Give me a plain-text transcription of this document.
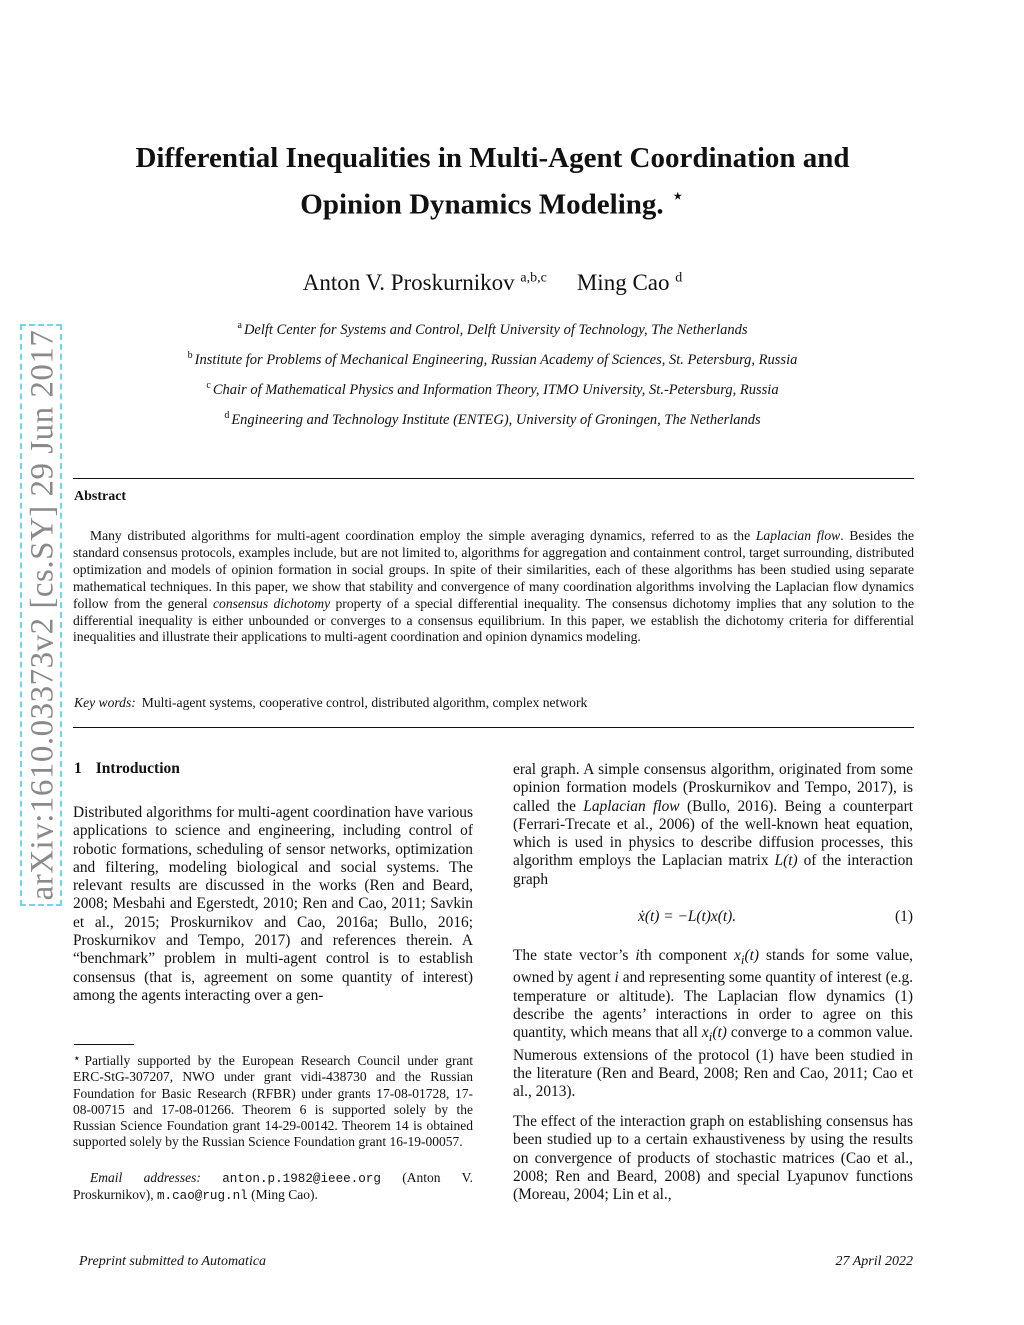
arXiv:1610.03373v2 [cs.SY] 29 Jun 2017
Differential Inequalities in Multi-Agent Coordination and
Opinion Dynamics Modeling. ⋆
Anton V. Proskurnikov $^{a,b,c}$ Ming Cao $^d$
$^a$ Delft Center for Systems and Control, Delft University of Technology, The Netherlands
$^b$ Institute for Problems of Mechanical Engineering, Russian Academy of Sciences, St. Petersburg, Russia
$^c$ Chair of Mathematical Physics and Information Theory, ITMO University, St.-Petersburg, Russia
$^d$ Engineering and Technology Institute (ENTEG), University of Groningen, The Netherlands
Abstract
Many distributed algorithms for multi-agent coordination employ the simple averaging dynamics, referred to as the Laplacian flow. Besides the standard consensus protocols, examples include, but are not limited to, algorithms for aggregation and containment control, target surrounding, distributed optimization and models of opinion formation in social groups. In spite of their similarities, each of these algorithms has been studied using separate mathematical techniques. In this paper, we show that stability and convergence of many coordination algorithms involving the Laplacian flow dynamics follow from the general consensus dichotomy property of a special differential inequality. The consensus dichotomy implies that any solution to the differential inequality is either unbounded or converges to a consensus equilibrium. In this paper, we establish the dichotomy criteria for differential inequalities and illustrate their applications to multi-agent coordination and opinion dynamics modeling.
Key words: Multi-agent systems, cooperative control, distributed algorithm, complex network
1 Introduction
Distributed algorithms for multi-agent coordination have various applications to science and engineering, including control of robotic formations, scheduling of sensor networks, optimization and filtering, modeling biological and social systems. The relevant results are discussed in the works (Ren and Beard, 2008; Mesbahi and Egerstedt, 2010; Ren and Cao, 2011; Savkin et al., 2015; Proskurnikov and Cao, 2016a; Bullo, 2016; Proskurnikov and Tempo, 2017) and references therein. A “benchmark” problem in multi-agent control is to establish consensus (that is, agreement on some quantity of interest) among the agents interacting over a gen-
eral graph. A simple consensus algorithm, originated from some opinion formation models (Proskurnikov and Tempo, 2017), is called the Laplacian flow (Bullo, 2016). Being a counterpart (Ferrari-Trecate et al., 2006) of the well-known heat equation, which is used in physics to describe diffusion processes, this algorithm employs the Laplacian matrix L(t) of the interaction graph
ẋ(t) = −L(t)x(t).	(1)
The state vector’s ith component $x_i(t)$ stands for some value, owned by agent i and representing some quantity of interest (e.g. temperature or altitude). The Laplacian flow dynamics (1) describe the agents’ interactions in order to agree on this quantity, which means that all $x_i(t)$ converge to a common value. Numerous extensions of the protocol (1) have been studied in the literature (Ren and Beard, 2008; Ren and Cao, 2011; Cao et al., 2013).
The effect of the interaction graph on establishing consensus has been studied up to a certain exhaustiveness by using the results on convergence of products of stochastic matrices (Cao et al., 2008; Ren and Beard, 2008) and special Lyapunov functions (Moreau, 2004; Lin et al.,
⋆ Partially supported by the European Research Council under grant ERC-StG-307207, NWO under grant vidi-438730 and the Russian Foundation for Basic Research (RFBR) under grants 17-08-01728, 17-08-00715 and 17-08-01266. Theorem 6 is supported solely by the Russian Science Foundation grant 14-29-00142. Theorem 14 is obtained supported solely by the Russian Science Foundation grant 16-19-00057.
Email addresses: anton.p.1982@ieee.org (Anton V. Proskurnikov), m.cao@rug.nl (Ming Cao).
Preprint submitted to Automatica	27 April 2022
